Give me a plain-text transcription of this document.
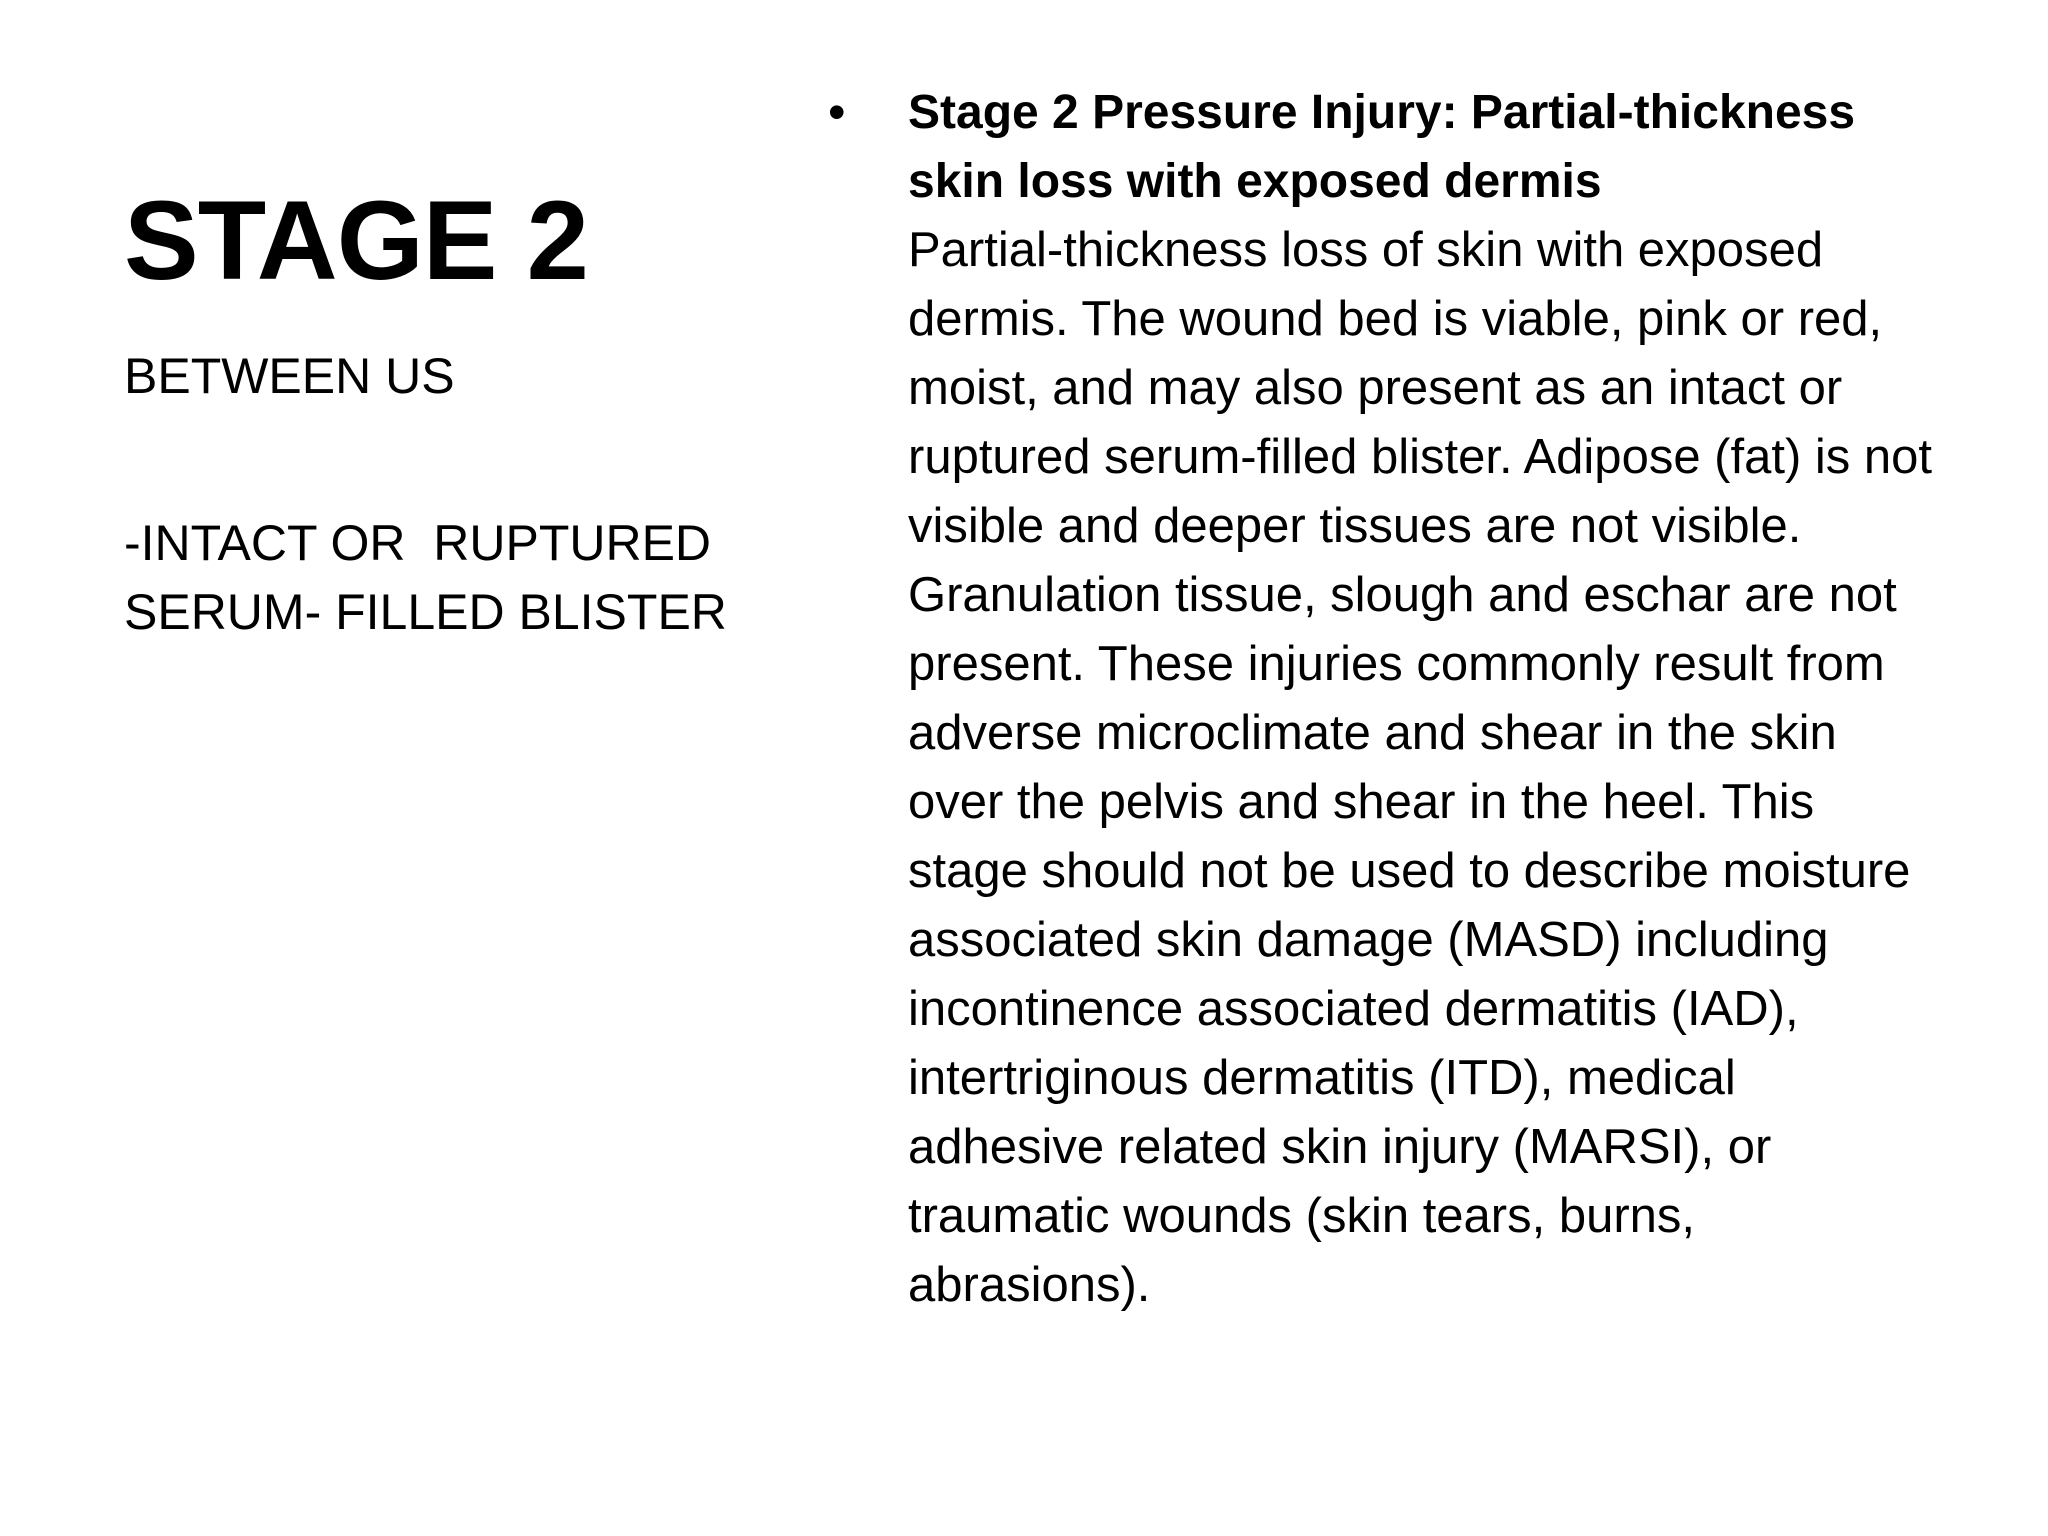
STAGE 2
BETWEEN US
-INTACT OR  RUPTURED
SERUM- FILLED BLISTER
• Stage 2 Pressure Injury: Partial-thickness skin loss with exposed dermis
Partial-thickness loss of skin with exposed dermis. The wound bed is viable, pink or red, moist, and may also present as an intact or ruptured serum-filled blister. Adipose (fat) is not visible and deeper tissues are not visible. Granulation tissue, slough and eschar are not present. These injuries commonly result from adverse microclimate and shear in the skin over the pelvis and shear in the heel. This stage should not be used to describe moisture associated skin damage (MASD) including incontinence associated dermatitis (IAD), intertriginous dermatitis (ITD), medical adhesive related skin injury (MARSI), or traumatic wounds (skin tears, burns, abrasions).
